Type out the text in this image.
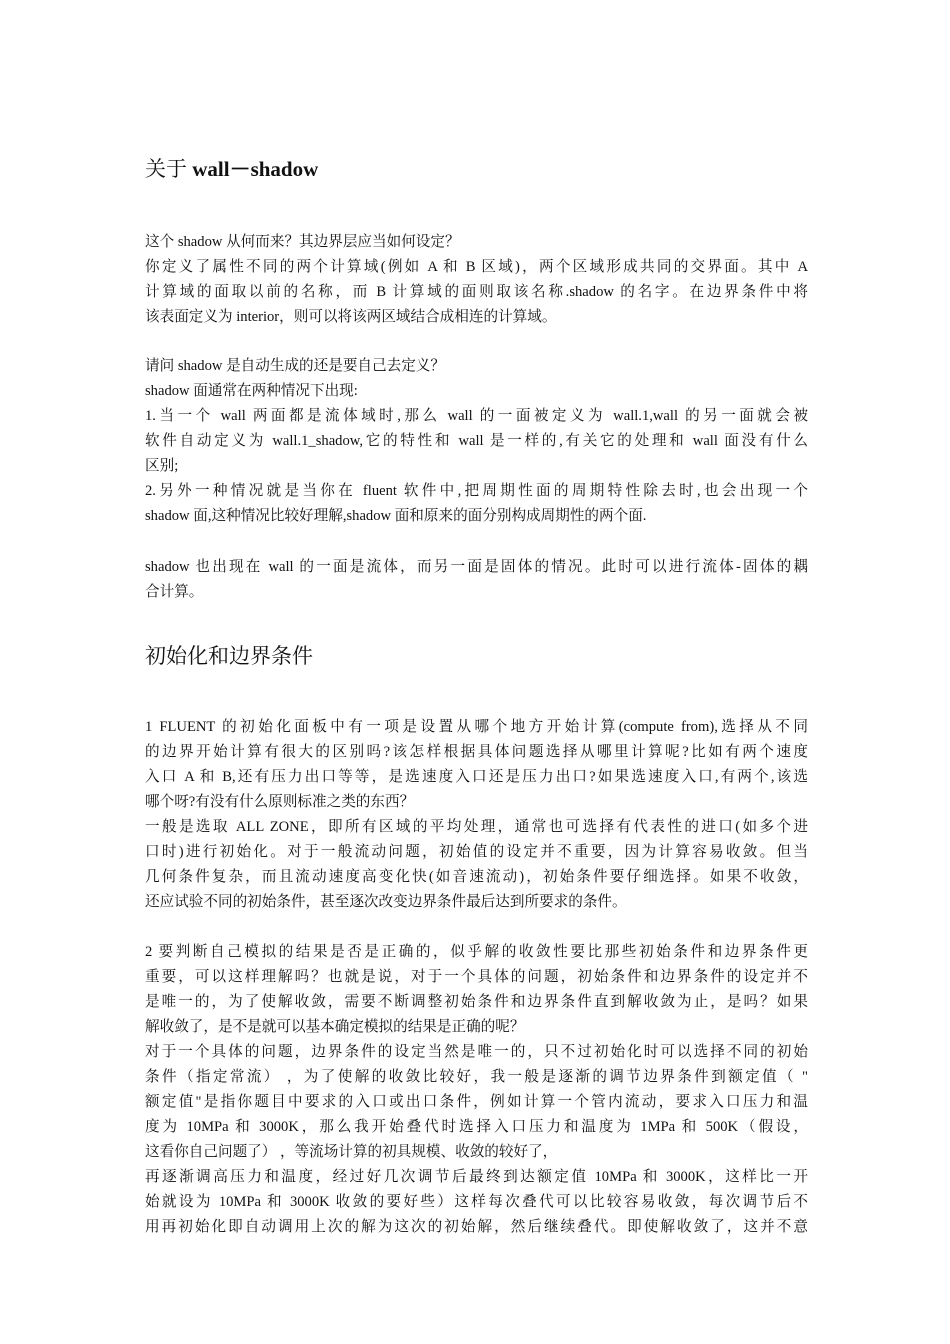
关于 wall－shadow
这个 shadow 从何而来？其边界层应当如何设定？
你定义了属性不同的两个计算域(例如 A 和 B 区域)，两个区域形成共同的交界面。其中 A
计算域的面取以前的名称，而 B 计算域的面则取该名称.shadow 的名字。在边界条件中将
该表面定义为 interior，则可以将该两区域结合成相连的计算域。
请问 shadow 是自动生成的还是要自己去定义？
shadow 面通常在两种情况下出现:
1.当一个 wall 两面都是流体域时,那么 wall 的一面被定义为 wall.1,wall 的另一面就会被
软件自动定义为 wall.1_shadow,它的特性和 wall 是一样的,有关它的处理和 wall 面没有什么
区别;
2.另外一种情况就是当你在 fluent 软件中,把周期性面的周期特性除去时,也会出现一个
shadow 面,这种情况比较好理解,shadow 面和原来的面分别构成周期性的两个面.
shadow 也出现在 wall 的一面是流体，而另一面是固体的情况。此时可以进行流体-固体的耦
合计算。
初始化和边界条件
1 FLUENT 的初始化面板中有一项是设置从哪个地方开始计算(compute from),选择从不同
的边界开始计算有很大的区别吗?该怎样根据具体问题选择从哪里计算呢?比如有两个速度
入口 A 和 B,还有压力出口等等，是选速度入口还是压力出口?如果选速度入口,有两个,该选
哪个呀?有没有什么原则标准之类的东西？
一般是选取 ALL ZONE，即所有区域的平均处理，通常也可选择有代表性的进口(如多个进
口时)进行初始化。对于一般流动问题，初始值的设定并不重要，因为计算容易收敛。但当
几何条件复杂，而且流动速度高变化快(如音速流动)，初始条件要仔细选择。如果不收敛，
还应试验不同的初始条件，甚至逐次改变边界条件最后达到所要求的条件。
2 要判断自己模拟的结果是否是正确的，似乎解的收敛性要比那些初始条件和边界条件更
重要，可以这样理解吗？也就是说，对于一个具体的问题，初始条件和边界条件的设定并不
是唯一的，为了使解收敛，需要不断调整初始条件和边界条件直到解收敛为止，是吗？如果
解收敛了，是不是就可以基本确定模拟的结果是正确的呢？
对于一个具体的问题，边界条件的设定当然是唯一的，只不过初始化时可以选择不同的初始
条件（指定常流） ，为了使解的收敛比较好，我一般是逐渐的调节边界条件到额定值（ "
额定值"是指你题目中要求的入口或出口条件，例如计算一个管内流动，要求入口压力和温
度为 10MPa 和 3000K，那么我开始叠代时选择入口压力和温度为 1MPa 和 500K（假设，
这看你自己问题了） ，等流场计算的初具规模、收敛的较好了，
再逐渐调高压力和温度，经过好几次调节后最终到达额定值 10MPa 和 3000K，这样比一开
始就设为 10MPa 和 3000K 收敛的要好些）这样每次叠代可以比较容易收敛，每次调节后不
用再初始化即自动调用上次的解为这次的初始解，然后继续叠代。即使解收敛了，这并不意
